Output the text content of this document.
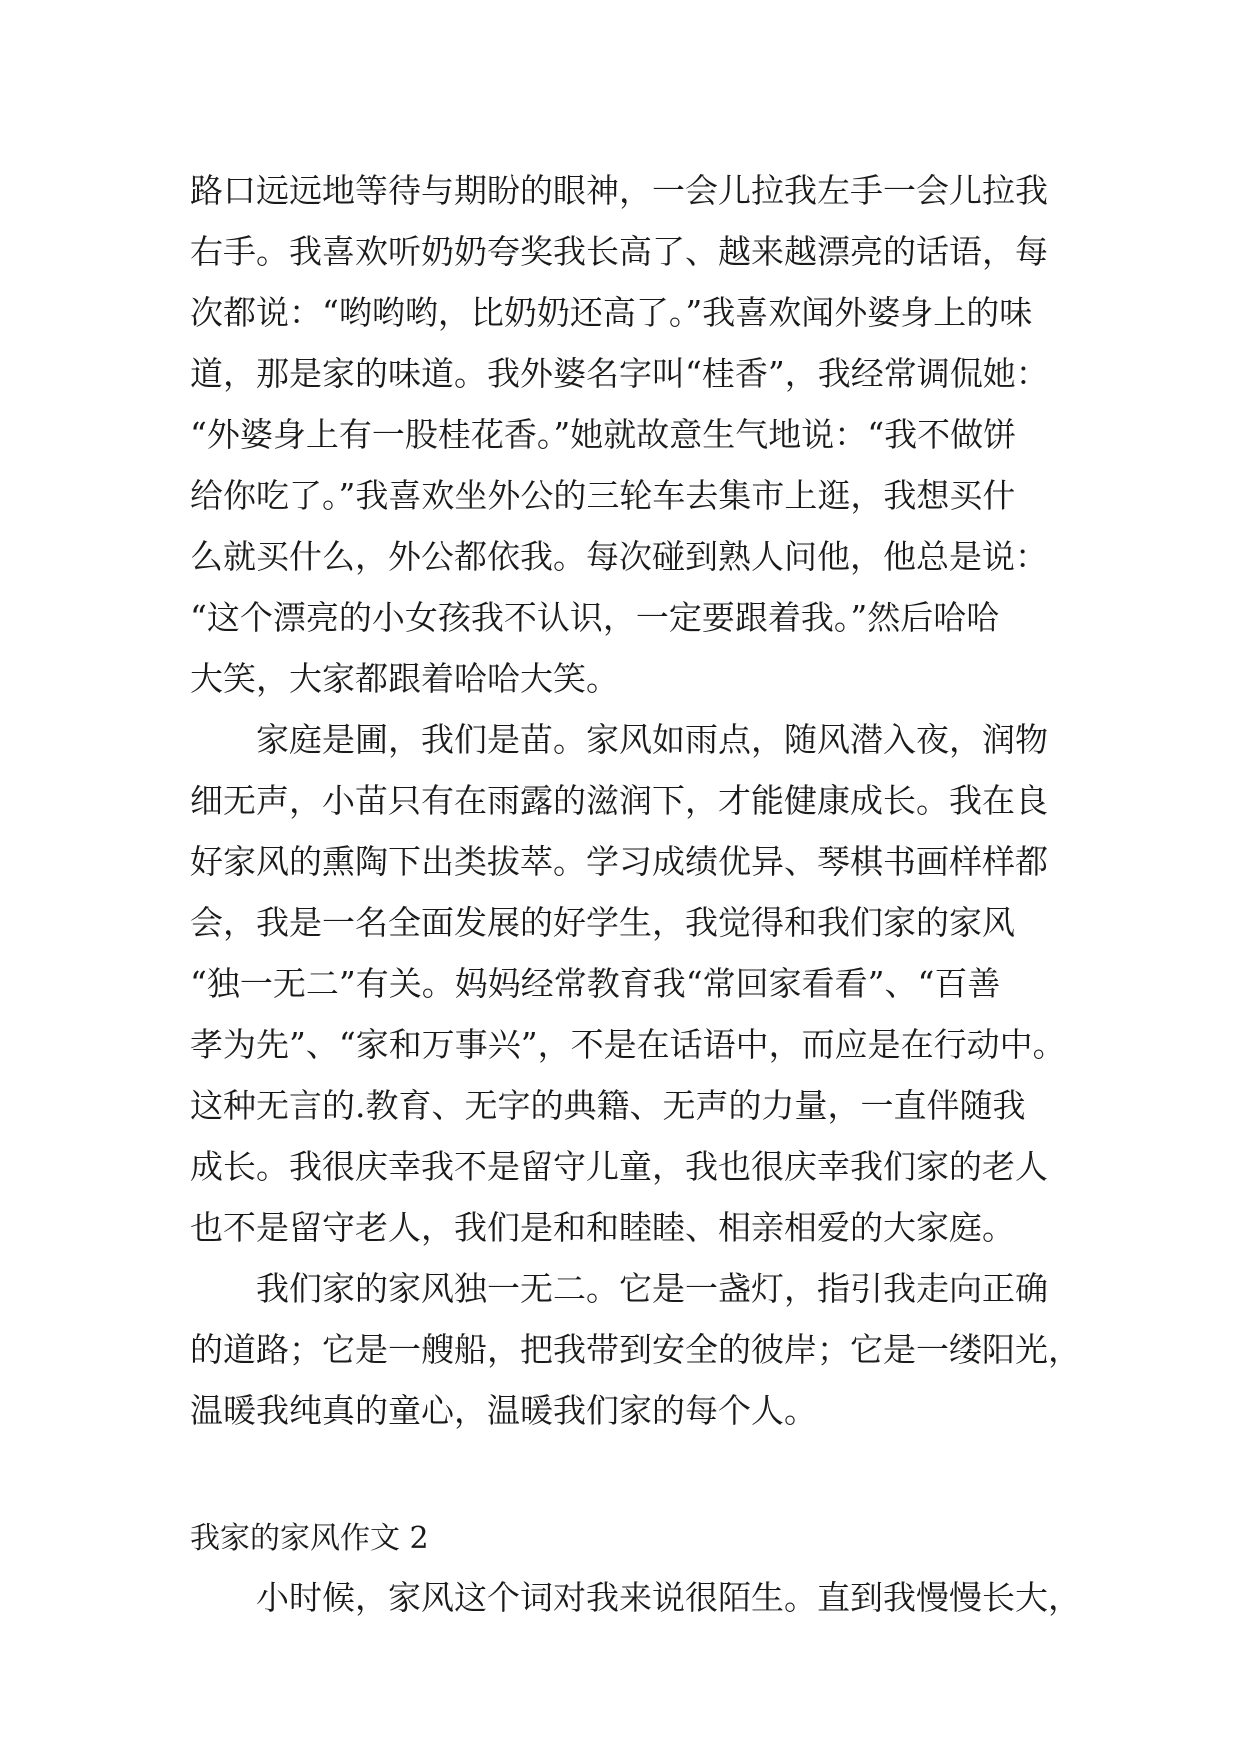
路口远远地等待与期盼的眼神，一会儿拉我左手一会儿拉我
右手。我喜欢听奶奶夸奖我长高了、越来越漂亮的话语，每
次都说：“哟哟哟，比奶奶还高了。”我喜欢闻外婆身上的味
道，那是家的味道。我外婆名字叫“桂香”，我经常调侃她：
“外婆身上有一股桂花香。”她就故意生气地说：“我不做饼
给你吃了。”我喜欢坐外公的三轮车去集市上逛，我想买什
么就买什么，外公都依我。每次碰到熟人问他，他总是说：
“这个漂亮的小女孩我不认识，一定要跟着我。”然后哈哈
大笑，大家都跟着哈哈大笑。
家庭是圃，我们是苗。家风如雨点，随风潜入夜，润物
细无声，小苗只有在雨露的滋润下，才能健康成长。我在良
好家风的熏陶下出类拔萃。学习成绩优异、琴棋书画样样都
会，我是一名全面发展的好学生，我觉得和我们家的家风
“独一无二”有关。妈妈经常教育我“常回家看看”、“百善
孝为先”、“家和万事兴”，不是在话语中，而应是在行动中。
这种无言的.教育、无字的典籍、无声的力量，一直伴随我
成长。我很庆幸我不是留守儿童，我也很庆幸我们家的老人
也不是留守老人，我们是和和睦睦、相亲相爱的大家庭。
我们家的家风独一无二。它是一盏灯，指引我走向正确
的道路；它是一艘船，把我带到安全的彼岸；它是一缕阳光，
温暖我纯真的童心，温暖我们家的每个人。
我家的家风作文 2
小时候，家风这个词对我来说很陌生。直到我慢慢长大，
